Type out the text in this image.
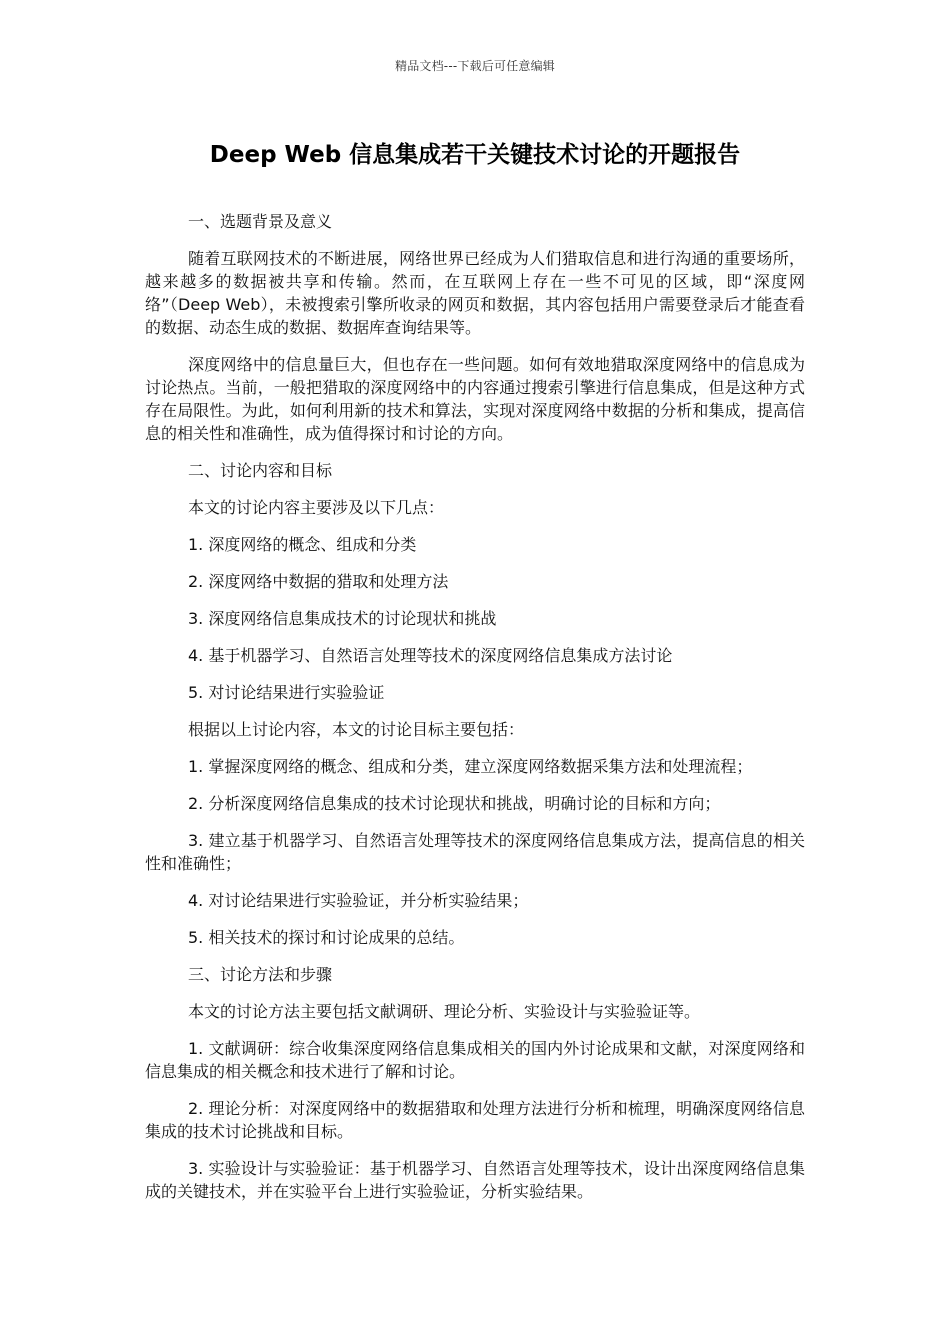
精品文档---下载后可任意编辑
Deep Web 信息集成若干关键技术讨论的开题报告

一、选题背景及意义

随着互联网技术的不断进展，网络世界已经成为人们猎取信息和进行沟通的重要场所，越来越多的数据被共享和传输。然而，在互联网上存在一些不可见的区域，即“深度网络”（Deep Web），未被搜索引擎所收录的网页和数据，其内容包括用户需要登录后才能查看的数据、动态生成的数据、数据库查询结果等。

深度网络中的信息量巨大，但也存在一些问题。如何有效地猎取深度网络中的信息成为讨论热点。当前，一般把猎取的深度网络中的内容通过搜索引擎进行信息集成，但是这种方式存在局限性。为此，如何利用新的技术和算法，实现对深度网络中数据的分析和集成，提高信息的相关性和准确性，成为值得探讨和讨论的方向。

二、讨论内容和目标

本文的讨论内容主要涉及以下几点：

1. 深度网络的概念、组成和分类

2. 深度网络中数据的猎取和处理方法

3. 深度网络信息集成技术的讨论现状和挑战

4. 基于机器学习、自然语言处理等技术的深度网络信息集成方法讨论

5. 对讨论结果进行实验验证

根据以上讨论内容，本文的讨论目标主要包括：

1. 掌握深度网络的概念、组成和分类，建立深度网络数据采集方法和处理流程；

2. 分析深度网络信息集成的技术讨论现状和挑战，明确讨论的目标和方向；

3. 建立基于机器学习、自然语言处理等技术的深度网络信息集成方法，提高信息的相关性和准确性；

4. 对讨论结果进行实验验证，并分析实验结果；

5. 相关技术的探讨和讨论成果的总结。

三、讨论方法和步骤

本文的讨论方法主要包括文献调研、理论分析、实验设计与实验验证等。

1. 文献调研：综合收集深度网络信息集成相关的国内外讨论成果和文献，对深度网络和信息集成的相关概念和技术进行了解和讨论。

2. 理论分析：对深度网络中的数据猎取和处理方法进行分析和梳理，明确深度网络信息集成的技术讨论挑战和目标。

3. 实验设计与实验验证：基于机器学习、自然语言处理等技术，设计出深度网络信息集成的关键技术，并在实验平台上进行实验验证，分析实验结果。
